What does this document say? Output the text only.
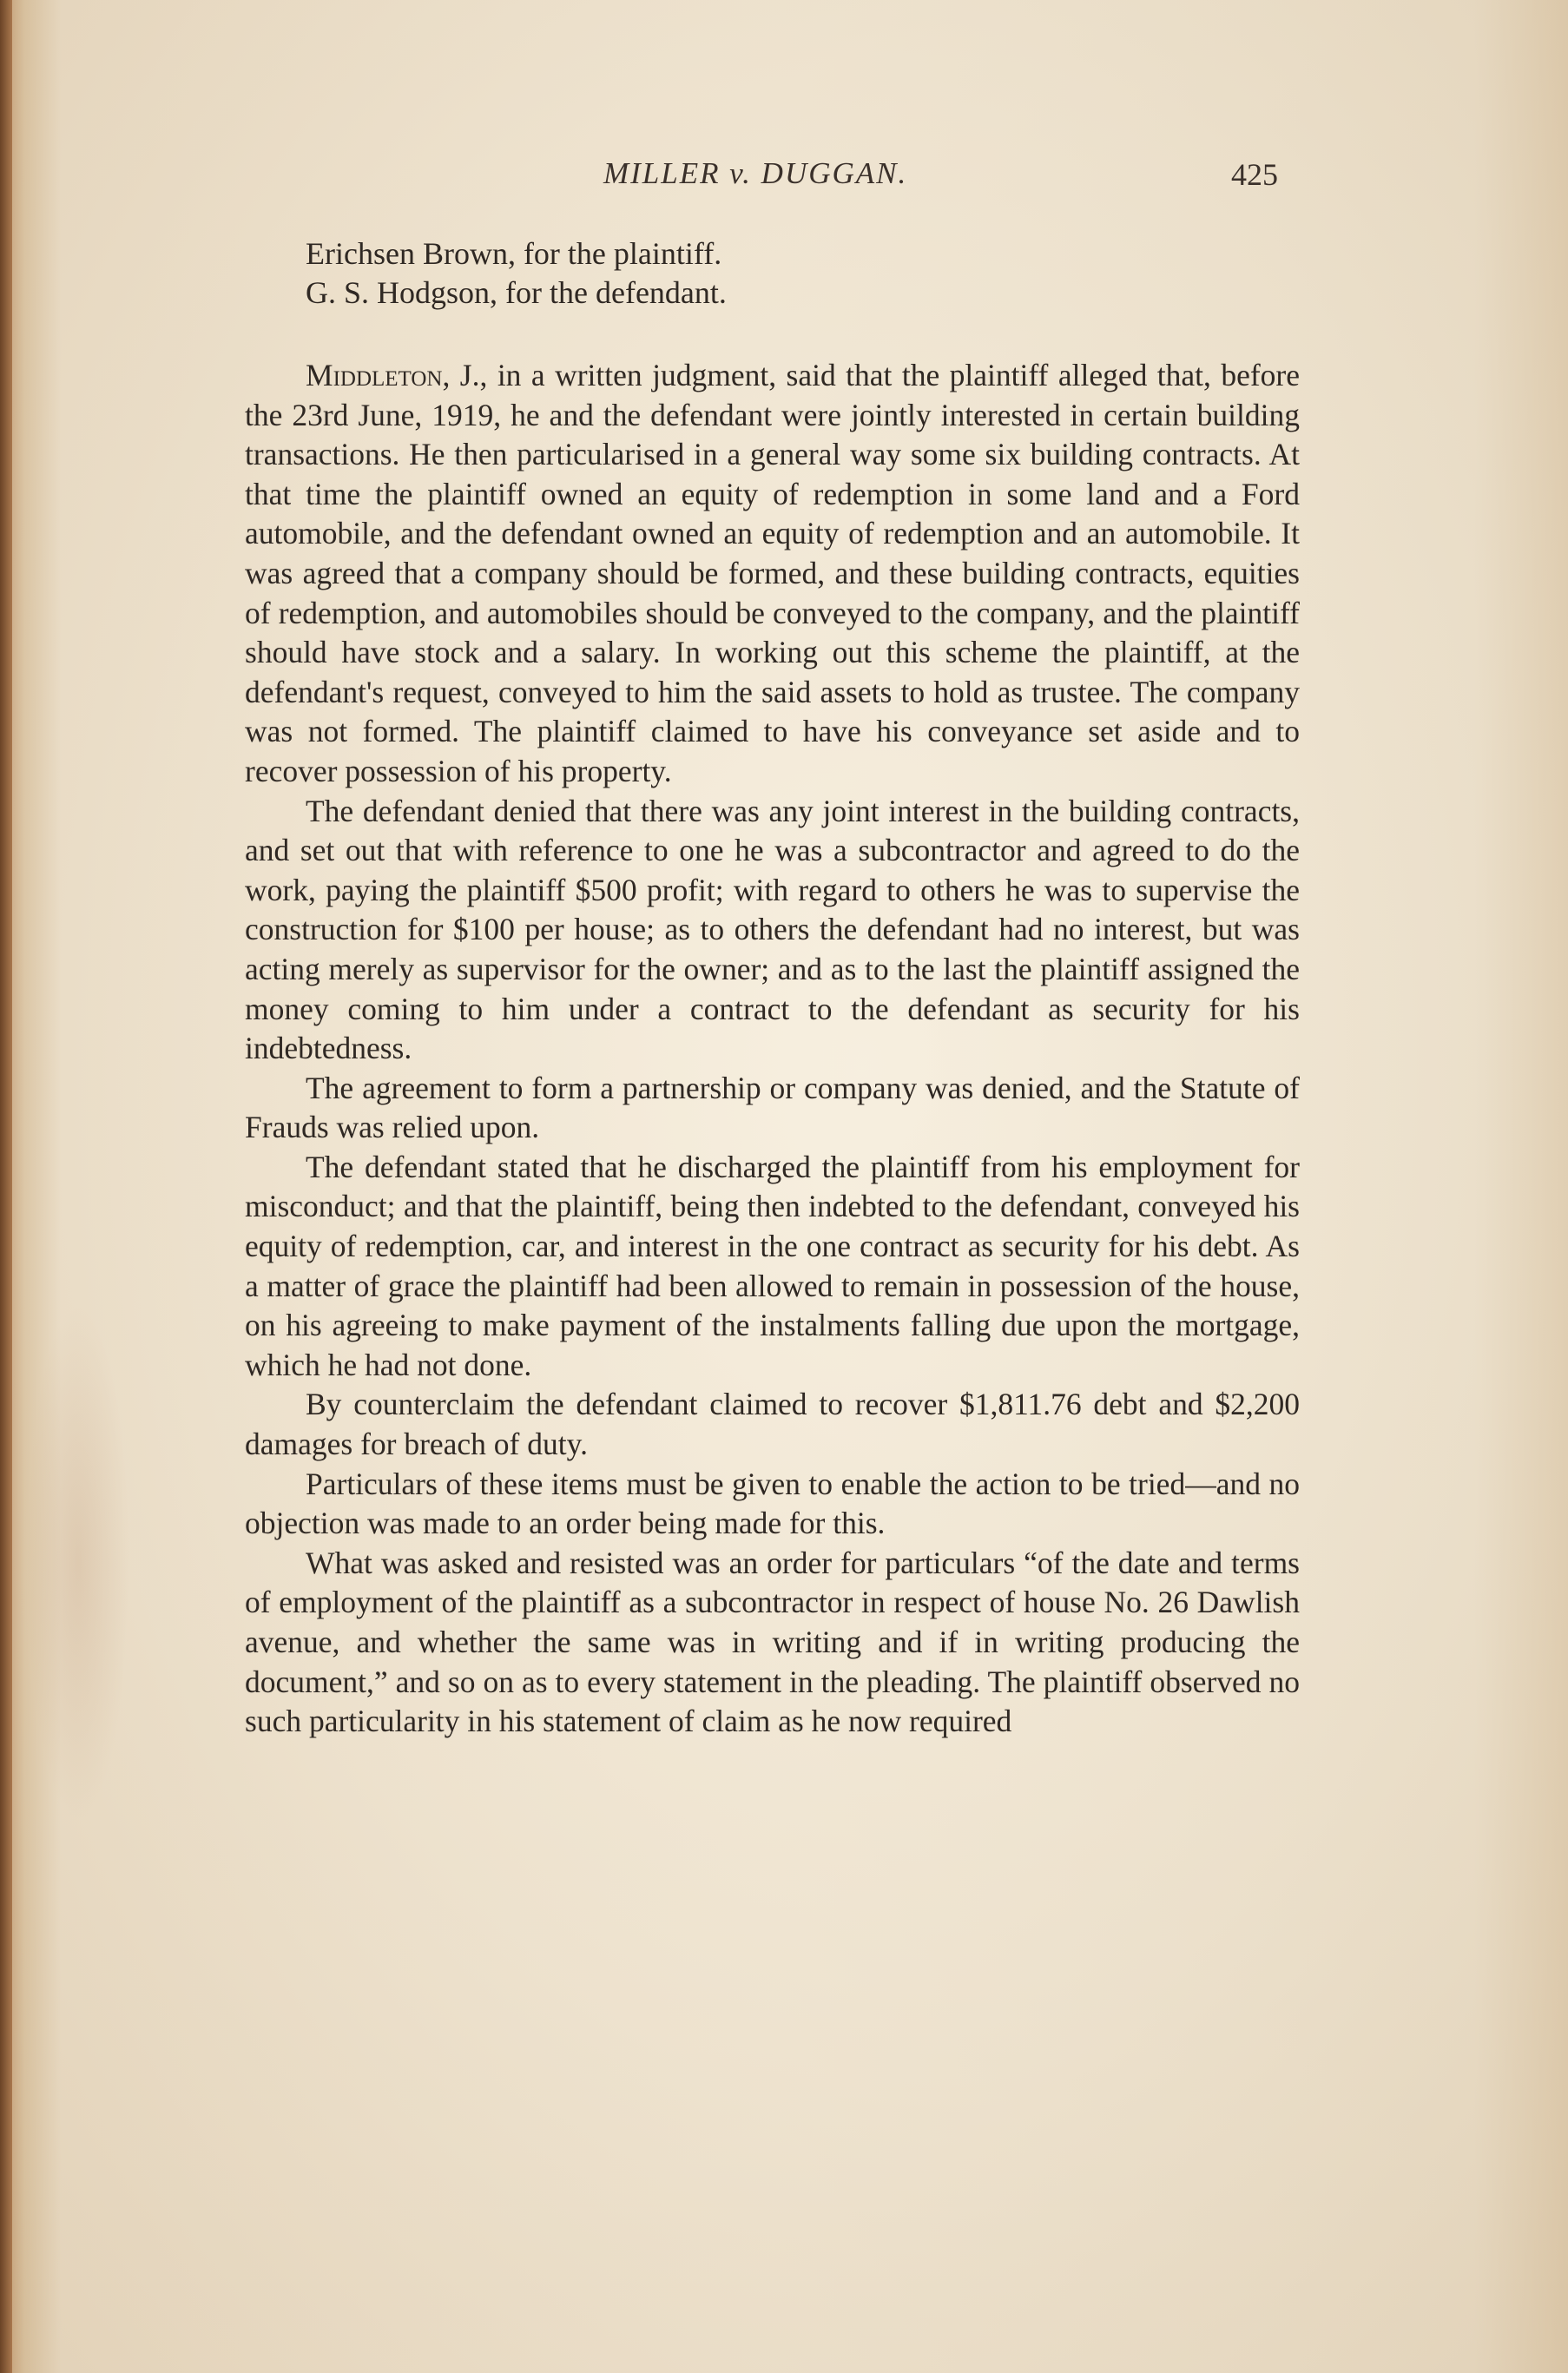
MILLER v. DUGGAN.	425
Erichsen Brown, for the plaintiff.
G. S. Hodgson, for the defendant.

Middleton, J., in a written judgment, said that the plaintiff alleged that, before the 23rd June, 1919, he and the defendant were jointly interested in certain building transactions. He then particularised in a general way some six building contracts. At that time the plaintiff owned an equity of redemption in some land and a Ford automobile, and the defendant owned an equity of redemption and an automobile. It was agreed that a company should be formed, and these building contracts, equities of redemption, and automobiles should be conveyed to the company, and the plaintiff should have stock and a salary. In working out this scheme the plaintiff, at the defendant's request, conveyed to him the said assets to hold as trustee. The company was not formed. The plaintiff claimed to have his conveyance set aside and to recover possession of his property.

The defendant denied that there was any joint interest in the building contracts, and set out that with reference to one he was a subcontractor and agreed to do the work, paying the plaintiff $500 profit; with regard to others he was to supervise the construction for $100 per house; as to others the defendant had no interest, but was acting merely as supervisor for the owner; and as to the last the plaintiff assigned the money coming to him under a contract to the defendant as security for his indebtedness.

The agreement to form a partnership or company was denied, and the Statute of Frauds was relied upon.

The defendant stated that he discharged the plaintiff from his employment for misconduct; and that the plaintiff, being then indebted to the defendant, conveyed his equity of redemption, car, and interest in the one contract as security for his debt. As a matter of grace the plaintiff had been allowed to remain in possession of the house, on his agreeing to make payment of the instalments falling due upon the mortgage, which he had not done.

By counterclaim the defendant claimed to recover $1,811.76 debt and $2,200 damages for breach of duty.

Particulars of these items must be given to enable the action to be tried—and no objection was made to an order being made for this.

What was asked and resisted was an order for particulars “of the date and terms of employment of the plaintiff as a subcontractor in respect of house No. 26 Dawlish avenue, and whether the same was in writing and if in writing producing the document,” and so on as to every statement in the pleading. The plaintiff observed no such particularity in his statement of claim as he now required
